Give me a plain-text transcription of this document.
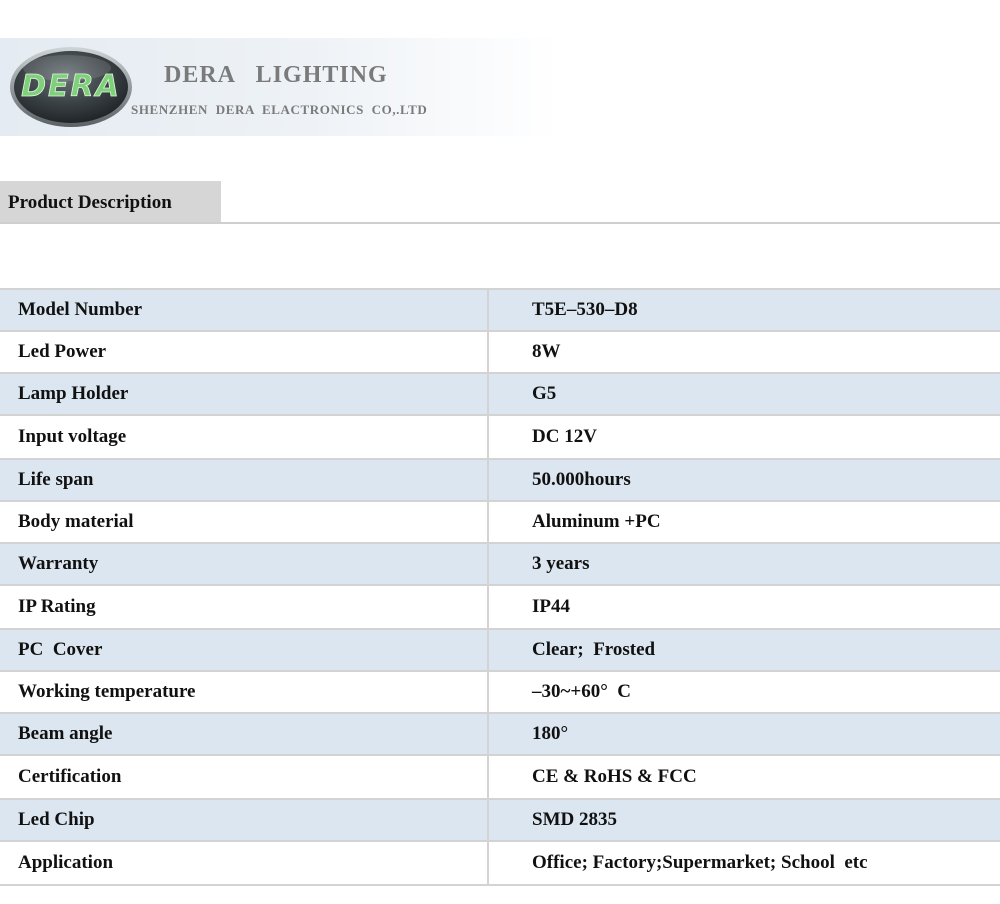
DERA DERA   LIGHTING
SHENZHEN  DERA  ELACTRONICS  CO,.LTD
Product Description
Model Number	T5E–530–D8
Led Power	8W
Lamp Holder	G5
Input voltage	DC 12V
Life span	50.000hours
Body material	Aluminum +PC
Warranty	3 years
IP Rating	IP44
PC  Cover	Clear;  Frosted
Working temperature	–30~+60°  C
Beam angle	180°
Certification	CE & RoHS & FCC
Led Chip	SMD 2835
Application	Office; Factory;Supermarket; School  etc
